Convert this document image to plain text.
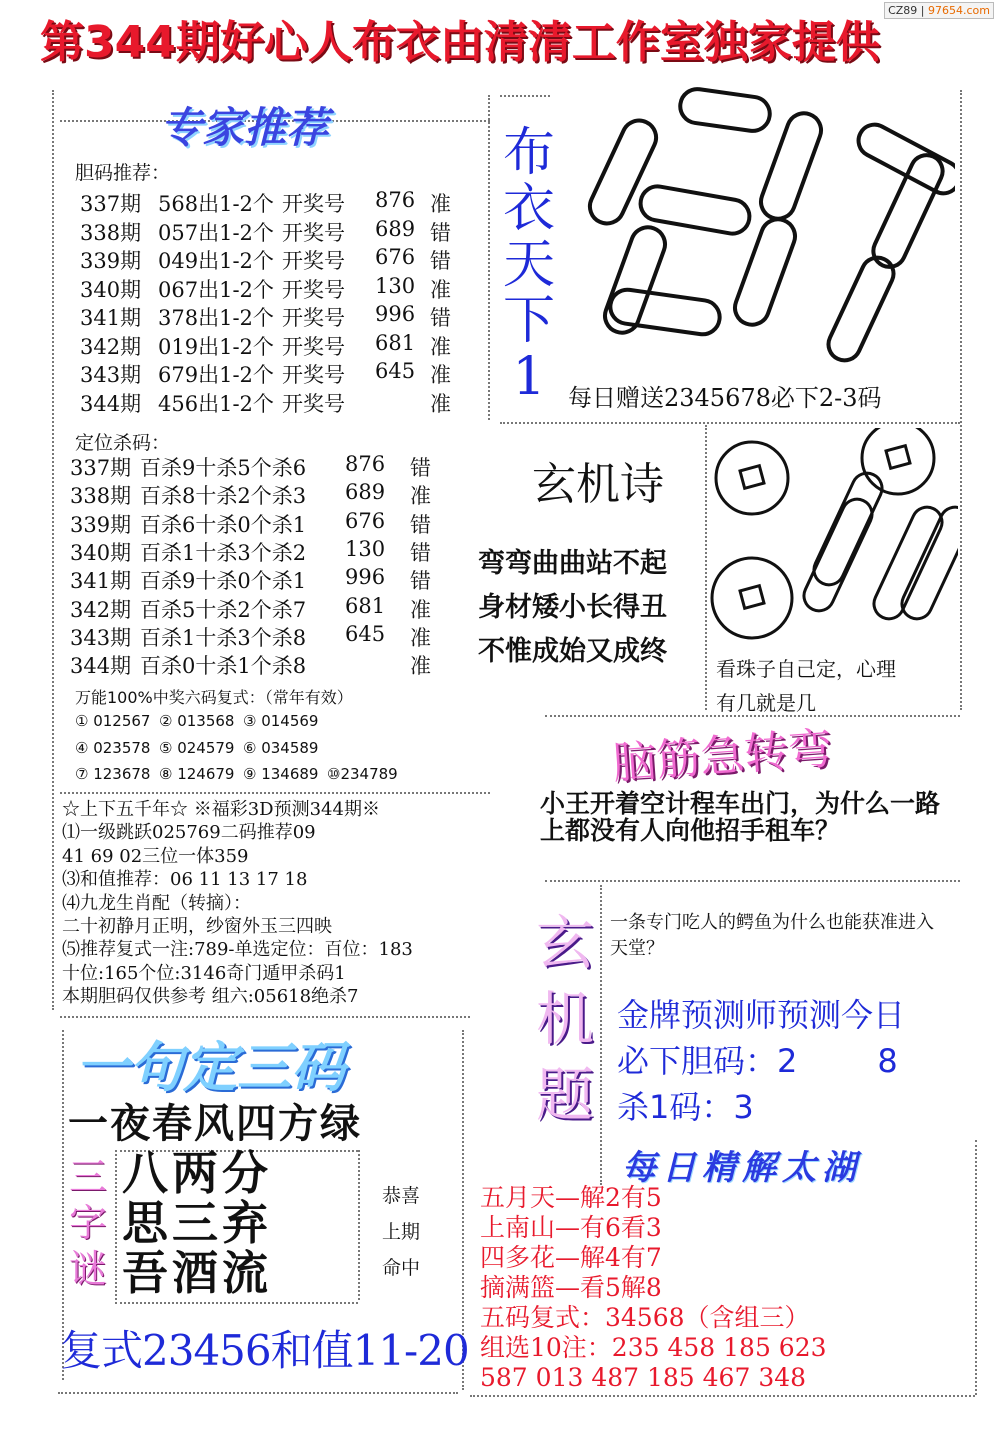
第344期好心人布衣由清清工作室独家提供
CZ89 | 97654.com
专家推荐
胆码推荐：
337期 568出1-2个 开奖号 876 准
338期 057出1-2个 开奖号 689 错
339期 049出1-2个 开奖号 676 错
340期 067出1-2个 开奖号 130 准
341期 378出1-2个 开奖号 996 错
342期 019出1-2个 开奖号 681 准
343期 679出1-2个 开奖号 645 准
344期 456出1-2个 开奖号	准
定位杀码：
337期 百杀9十杀5个杀6 876 错
338期 百杀8十杀2个杀3 689 准
339期 百杀6十杀0个杀1 676 错
340期 百杀1十杀3个杀2 130 错
341期 百杀9十杀0个杀1 996 错
342期 百杀5十杀2个杀7 681 准
343期 百杀1十杀3个杀8 645 准
344期 百杀0十杀1个杀8	准
万能100%中奖六码复式：（常年有效）
① 012567 ② 013568 ③ 014569
④ 023578 ⑤ 024579 ⑥ 034589
⑦ 123678 ⑧ 124679 ⑨ 134689 ⑩234789
☆上下五千年☆ ※福彩3D预测344期※
⑴一级跳跃025769二码推荐09
41 69 02三位一体359
⑶和值推荐：06 11 13 17 18
⑷九龙生肖配（转摘）：
二十初静月正明，纱窗外玉三四映
⑸推荐复式一注:789-单选定位：百位：183
十位:165个位:3146奇门遁甲杀码1
本期胆码仅供参考 组六:05618绝杀7
一句定三码
一夜春风四方绿
三
字
谜
八两分
思三弃
吾酒流
恭喜
上期
命中
复式23456和值11-20
布
衣
天
下
1 每日赠送2345678必下2-3码
玄机诗
弯弯曲曲站不起
身材矮小长得丑
不惟成始又成终
看珠子自己定，心理
有几就是几
脑筋急转弯
小王开着空计程车出门，为什么一路上都没有人向他招手租车？
玄
机
题
一条专门吃人的鳄鱼为什么也能获准进入天堂？
金牌预测师预测今日
必下胆码：2	8
杀1码：3
每日精解太湖
五月天—解2有5
上南山—有6看3
四多花—解4有7
摘满篮—看5解8
五码复式：34568（含组三）
组选10注：235 458 185 623
587 013 487 185 467 348
